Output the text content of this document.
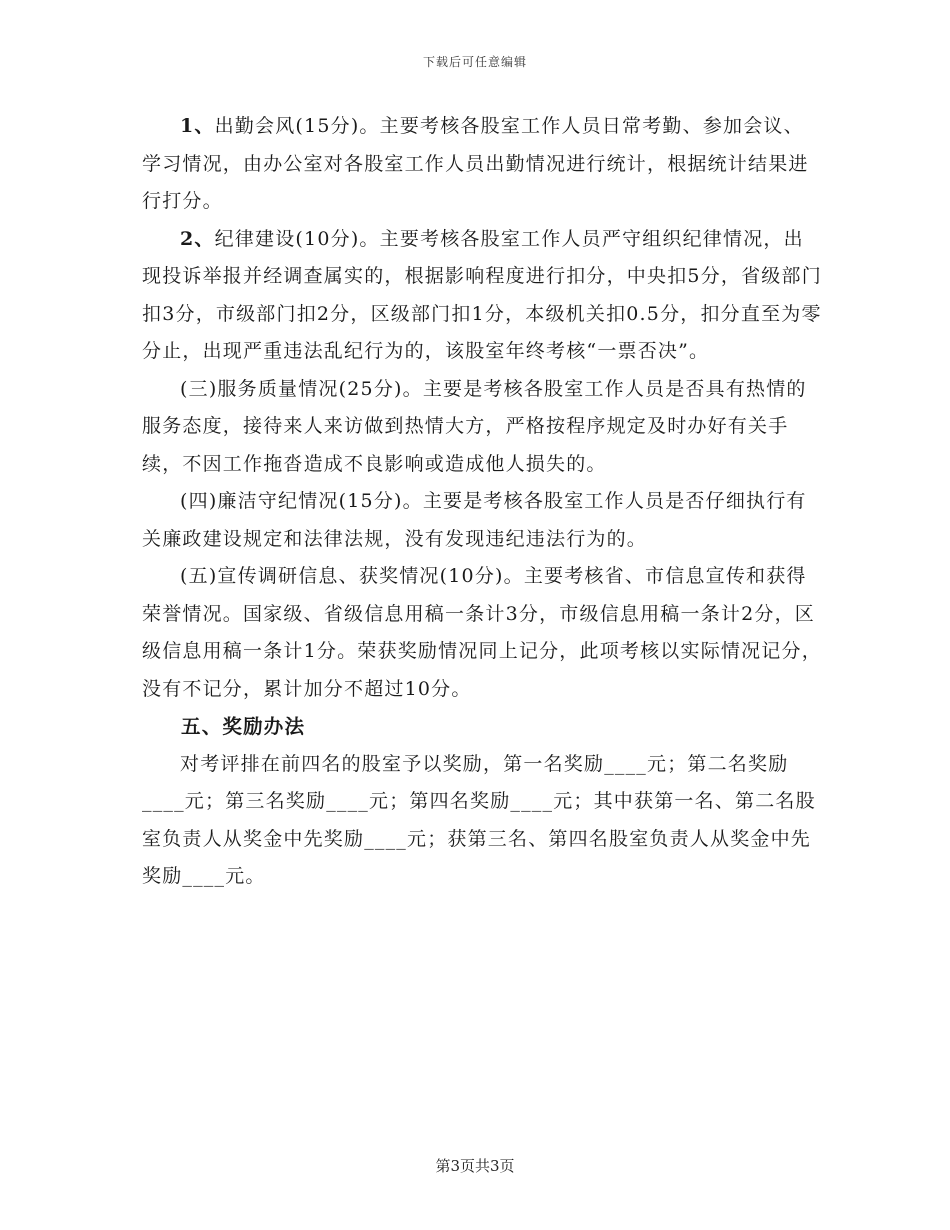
下载后可任意编辑

1、出勤会风(15分)。主要考核各股室工作人员日常考勤、参加会议、学习情况，由办公室对各股室工作人员出勤情况进行统计，根据统计结果进行打分。

2、纪律建设(10分)。主要考核各股室工作人员严守组织纪律情况，出现投诉举报并经调查属实的，根据影响程度进行扣分，中央扣5分，省级部门扣3分，市级部门扣2分，区级部门扣1分，本级机关扣0.5分，扣分直至为零分止，出现严重违法乱纪行为的，该股室年终考核“一票否决”。

(三)服务质量情况(25分)。主要是考核各股室工作人员是否具有热情的服务态度，接待来人来访做到热情大方，严格按程序规定及时办好有关手续，不因工作拖沓造成不良影响或造成他人损失的。

(四)廉洁守纪情况(15分)。主要是考核各股室工作人员是否仔细执行有关廉政建设规定和法律法规，没有发现违纪违法行为的。

(五)宣传调研信息、获奖情况(10分)。主要考核省、市信息宣传和获得荣誉情况。国家级、省级信息用稿一条计3分，市级信息用稿一条计2分，区级信息用稿一条计1分。荣获奖励情况同上记分，此项考核以实际情况记分，没有不记分，累计加分不超过10分。

五、奖励办法

对考评排在前四名的股室予以奖励，第一名奖励____元；第二名奖励____元；第三名奖励____元；第四名奖励____元；其中获第一名、第二名股室负责人从奖金中先奖励____元；获第三名、第四名股室负责人从奖金中先奖励____元。

第3页共3页
